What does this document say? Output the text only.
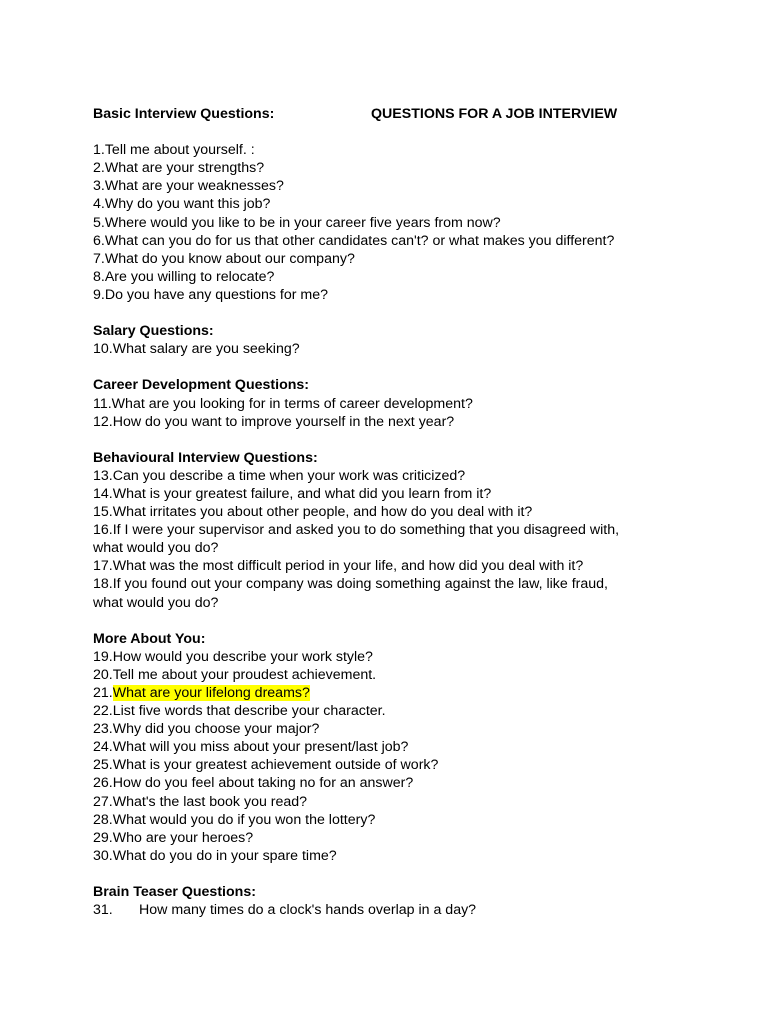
Basic Interview Questions:	QUESTIONS FOR A JOB INTERVIEW
1.Tell me about yourself. :
2.What are your strengths?
3.What are your weaknesses?
4.Why do you want this job?
5.Where would you like to be in your career five years from now?
6.What can you do for us that other candidates can't? or what makes you different?
7.What do you know about our company?
8.Are you willing to relocate?
9.Do you have any questions for me?
Salary Questions:
10.What salary are you seeking?
Career Development Questions:
11.What are you looking for in terms of career development?
12.How do you want to improve yourself in the next year?
Behavioural Interview Questions:
13.Can you describe a time when your work was criticized?
14.What is your greatest failure, and what did you learn from it?
15.What irritates you about other people, and how do you deal with it?
16.If I were your supervisor and asked you to do something that you disagreed with,
what would you do?
17.What was the most difficult period in your life, and how did you deal with it?
18.If you found out your company was doing something against the law, like fraud,
what would you do?
More About You:
19.How would you describe your work style?
20.Tell me about your proudest achievement.
21.What are your lifelong dreams?
22.List five words that describe your character.
23.Why did you choose your major?
24.What will you miss about your present/last job?
25.What is your greatest achievement outside of work?
26.How do you feel about taking no for an answer?
27.What's the last book you read?
28.What would you do if you won the lottery?
29.Who are your heroes?
30.What do you do in your spare time?
Brain Teaser Questions:
31. How many times do a clock's hands overlap in a day?
